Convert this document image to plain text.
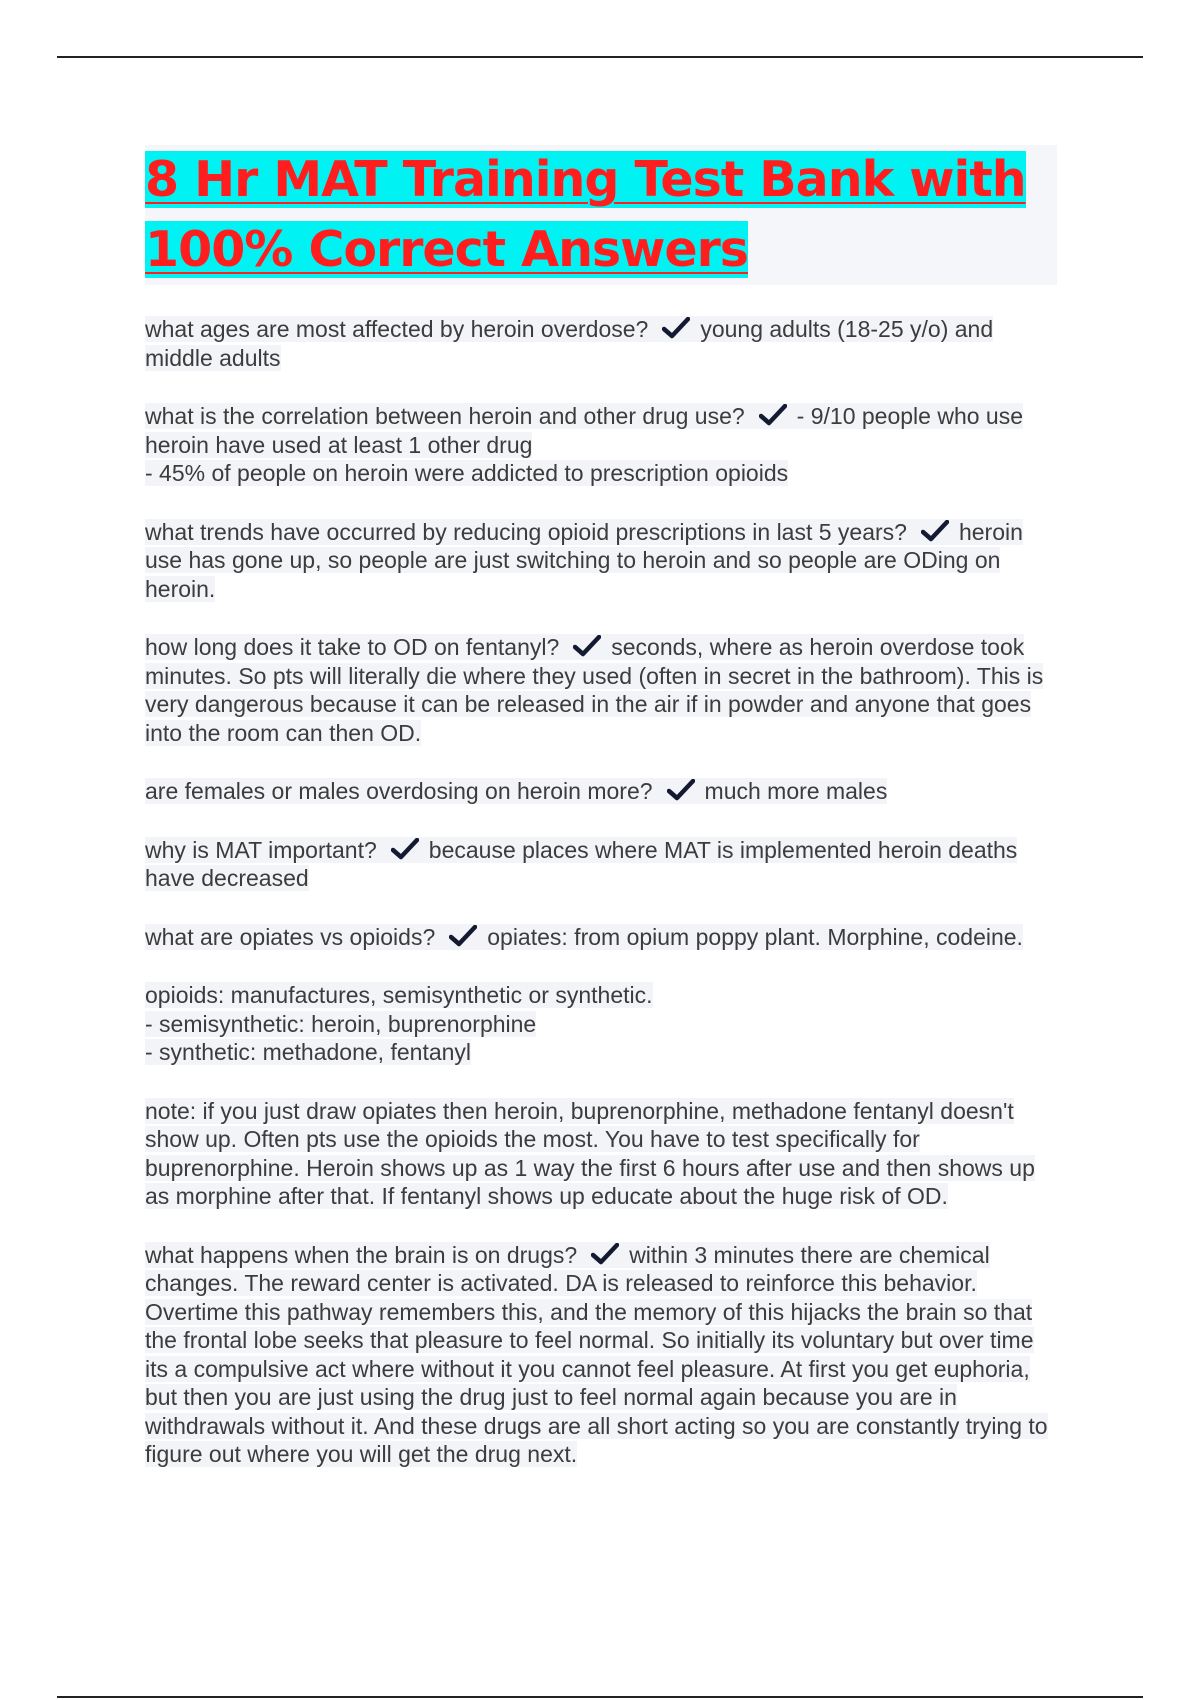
8 Hr MAT Training Test Bank with 100% Correct Answers

what ages are most affected by heroin overdose? young adults (18-25 y/o) and middle adults

what is the correlation between heroin and other drug use? - 9/10 people who use heroin have used at least 1 other drug

- 45% of people on heroin were addicted to prescription opioids

what trends have occurred by reducing opioid prescriptions in last 5 years? heroin use has gone up, so people are just switching to heroin and so people are ODing on heroin.

how long does it take to OD on fentanyl? seconds, where as heroin overdose took minutes. So pts will literally die where they used (often in secret in the bathroom). This is very dangerous because it can be released in the air if in powder and anyone that goes into the room can then OD.

are females or males overdosing on heroin more? much more males

why is MAT important? because places where MAT is implemented heroin deaths have decreased

what are opiates vs opioids? opiates: from opium poppy plant. Morphine, codeine.

opioids: manufactures, semisynthetic or synthetic.

- semisynthetic: heroin, buprenorphine

- synthetic: methadone, fentanyl

note: if you just draw opiates then heroin, buprenorphine, methadone fentanyl doesn't show up. Often pts use the opioids the most. You have to test specifically for buprenorphine. Heroin shows up as 1 way the first 6 hours after use and then shows up as morphine after that. If fentanyl shows up educate about the huge risk of OD.

what happens when the brain is on drugs? within 3 minutes there are chemical changes. The reward center is activated. DA is released to reinforce this behavior. Overtime this pathway remembers this, and the memory of this hijacks the brain so that the frontal lobe seeks that pleasure to feel normal. So initially its voluntary but over time its a compulsive act where without it you cannot feel pleasure. At first you get euphoria, but then you are just using the drug just to feel normal again because you are in withdrawals without it. And these drugs are all short acting so you are constantly trying to figure out where you will get the drug next.
